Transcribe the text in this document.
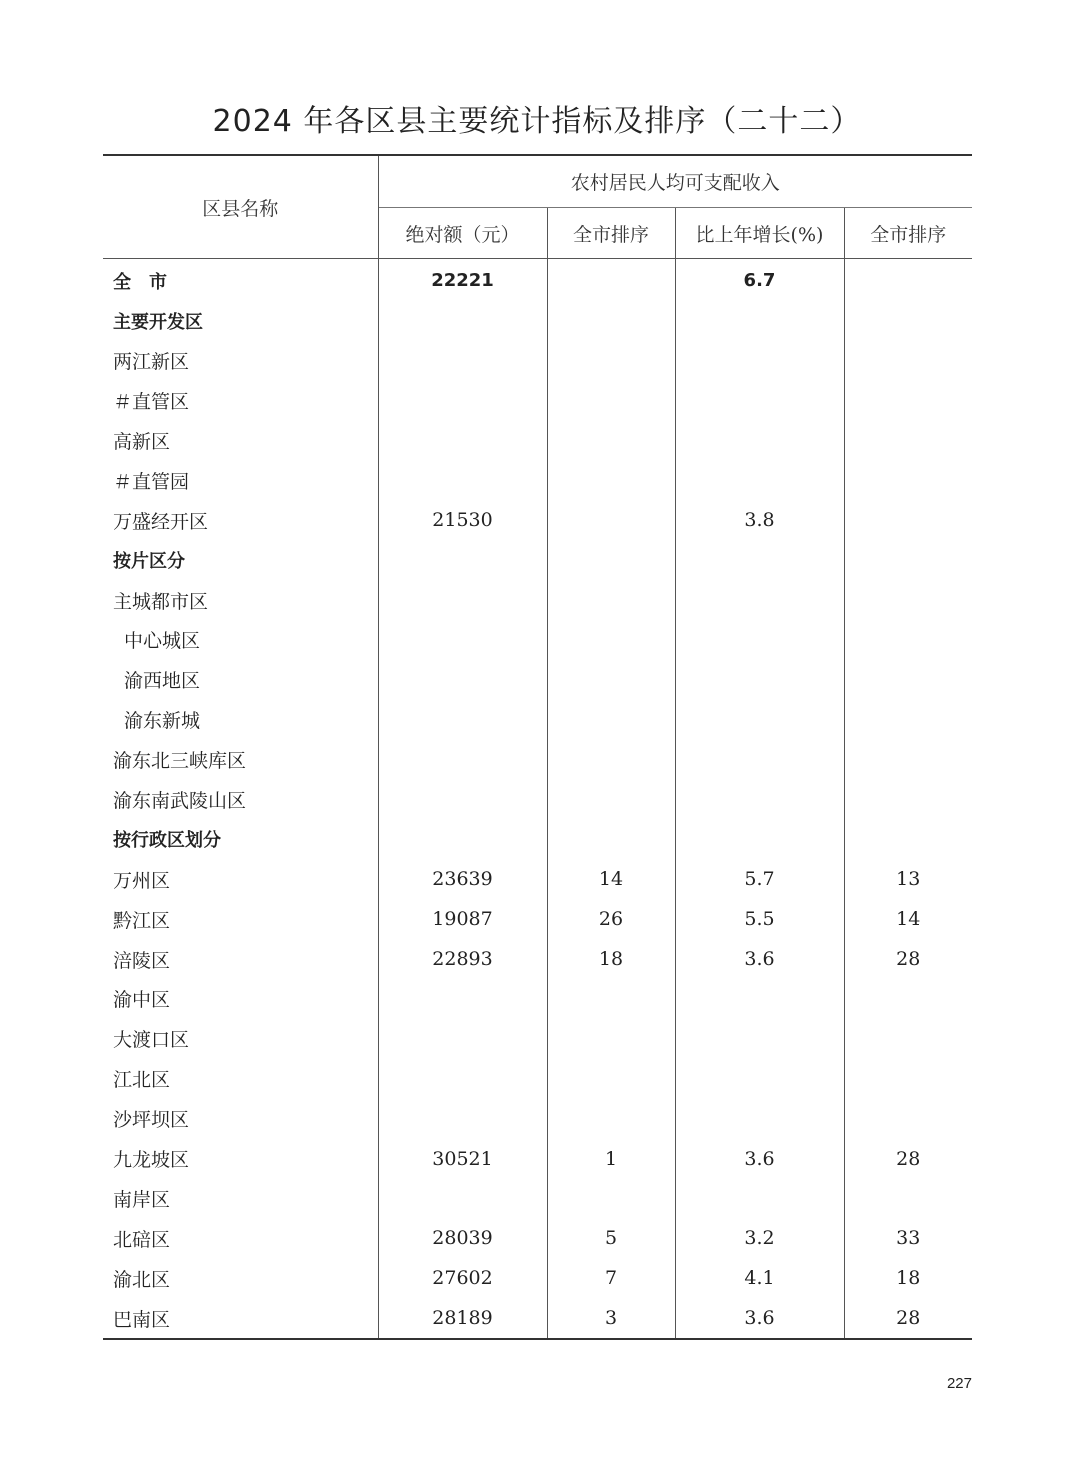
2024 年各区县主要统计指标及排序（二十二）
区县名称	农村居民人均可支配收入			
	绝对额（元）	全市排序	比上年增长(%)	全市排序
全　市	22221		6.7	
主要开发区				
两江新区				
＃直管区				
高新区				
＃直管园				
万盛经开区	21530		3.8	
按片区分				
主城都市区				
中心城区				
渝西地区				
渝东新城				
渝东北三峡库区				
渝东南武陵山区				
按行政区划分				
万州区	23639	14	5.7	13
黔江区	19087	26	5.5	14
涪陵区	22893	18	3.6	28
渝中区				
大渡口区				
江北区				
沙坪坝区				
九龙坡区	30521	1	3.6	28
南岸区				
北碚区	28039	5	3.2	33
渝北区	27602	7	4.1	18
巴南区	28189	3	3.6	28
227
